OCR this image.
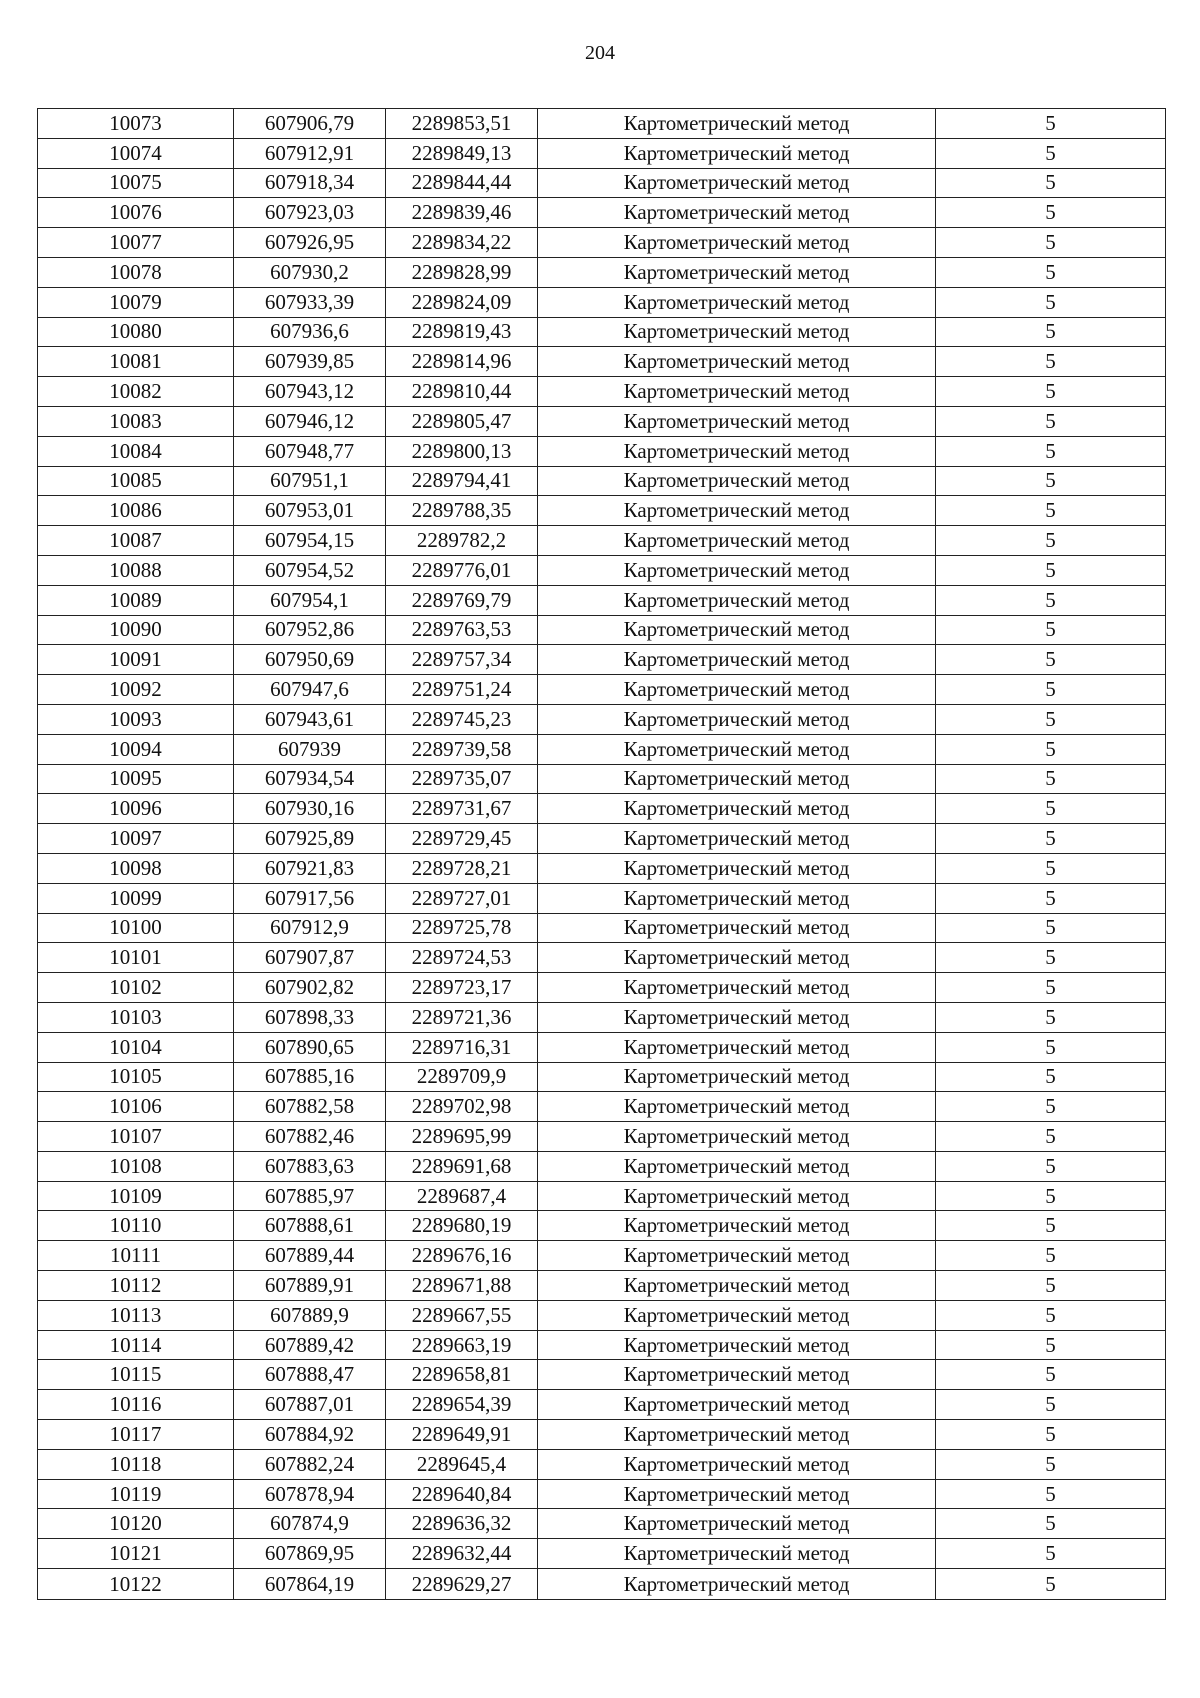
204
10073	607906,79	2289853,51	Картометрический метод	5
10074	607912,91	2289849,13	Картометрический метод	5
10075	607918,34	2289844,44	Картометрический метод	5
10076	607923,03	2289839,46	Картометрический метод	5
10077	607926,95	2289834,22	Картометрический метод	5
10078	607930,2	2289828,99	Картометрический метод	5
10079	607933,39	2289824,09	Картометрический метод	5
10080	607936,6	2289819,43	Картометрический метод	5
10081	607939,85	2289814,96	Картометрический метод	5
10082	607943,12	2289810,44	Картометрический метод	5
10083	607946,12	2289805,47	Картометрический метод	5
10084	607948,77	2289800,13	Картометрический метод	5
10085	607951,1	2289794,41	Картометрический метод	5
10086	607953,01	2289788,35	Картометрический метод	5
10087	607954,15	2289782,2	Картометрический метод	5
10088	607954,52	2289776,01	Картометрический метод	5
10089	607954,1	2289769,79	Картометрический метод	5
10090	607952,86	2289763,53	Картометрический метод	5
10091	607950,69	2289757,34	Картометрический метод	5
10092	607947,6	2289751,24	Картометрический метод	5
10093	607943,61	2289745,23	Картометрический метод	5
10094	607939	2289739,58	Картометрический метод	5
10095	607934,54	2289735,07	Картометрический метод	5
10096	607930,16	2289731,67	Картометрический метод	5
10097	607925,89	2289729,45	Картометрический метод	5
10098	607921,83	2289728,21	Картометрический метод	5
10099	607917,56	2289727,01	Картометрический метод	5
10100	607912,9	2289725,78	Картометрический метод	5
10101	607907,87	2289724,53	Картометрический метод	5
10102	607902,82	2289723,17	Картометрический метод	5
10103	607898,33	2289721,36	Картометрический метод	5
10104	607890,65	2289716,31	Картометрический метод	5
10105	607885,16	2289709,9	Картометрический метод	5
10106	607882,58	2289702,98	Картометрический метод	5
10107	607882,46	2289695,99	Картометрический метод	5
10108	607883,63	2289691,68	Картометрический метод	5
10109	607885,97	2289687,4	Картометрический метод	5
10110	607888,61	2289680,19	Картометрический метод	5
10111	607889,44	2289676,16	Картометрический метод	5
10112	607889,91	2289671,88	Картометрический метод	5
10113	607889,9	2289667,55	Картометрический метод	5
10114	607889,42	2289663,19	Картометрический метод	5
10115	607888,47	2289658,81	Картометрический метод	5
10116	607887,01	2289654,39	Картометрический метод	5
10117	607884,92	2289649,91	Картометрический метод	5
10118	607882,24	2289645,4	Картометрический метод	5
10119	607878,94	2289640,84	Картометрический метод	5
10120	607874,9	2289636,32	Картометрический метод	5
10121	607869,95	2289632,44	Картометрический метод	5
10122	607864,19	2289629,27	Картометрический метод	5
